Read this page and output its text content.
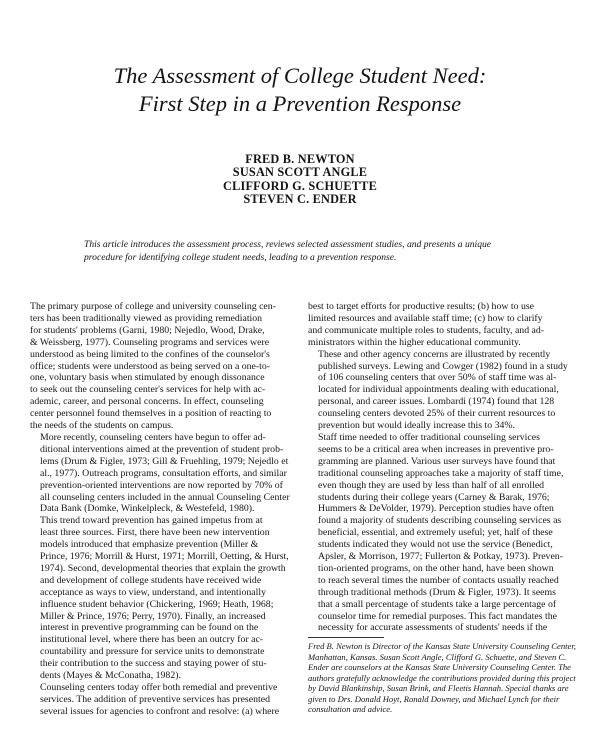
The Assessment of College Student Need:
First Step in a Prevention Response
FRED B. NEWTON
SUSAN SCOTT ANGLE
CLIFFORD G. SCHUETTE
STEVEN C. ENDER

This article introduces the assessment process, reviews selected assessment studies, and presents a unique
procedure for identifying college student needs, leading to a prevention response.

The primary purpose of college and university counseling cen-
ters has been traditionally viewed as providing remediation
for students' problems (Garni, 1980; Nejedlo, Wood, Drake,
& Weissberg, 1977). Counseling programs and services were
understood as being limited to the confines of the counselor's
office; students were understood as being served on a one-to-
one, voluntary basis when stimulated by enough dissonance
to seek out the counseling center's services for help with ac-
ademic, career, and personal concerns. In effect, counseling
center personnel found themselves in a position of reacting to
the needs of the students on campus.

More recently, counseling centers have begun to offer ad-
ditional interventions aimed at the prevention of student prob-
lems (Drum & Figler, 1973; Gill & Fruehling, 1979; Nejedlo et
al., 1977). Outreach programs, consultation efforts, and similar
prevention-oriented interventions are now reported by 70% of
all counseling centers included in the annual Counseling Center
Data Bank (Domke, Winkelpleck, & Westefeld, 1980).

This trend toward prevention has gained impetus from at
least three sources. First, there have been new intervention
models introduced that emphasize prevention (Miller &
Prince, 1976; Morrill & Hurst, 1971; Morrill, Oetting, & Hurst,
1974). Second, developmental theories that explain the growth
and development of college students have received wide
acceptance as ways to view, understand, and intentionally
influence student behavior (Chickering, 1969; Heath, 1968;
Miller & Prince, 1976; Perry, 1970). Finally, an increased
interest in preventive programming can be found on the
institutional level, where there has been an outcry for ac-
countability and pressure for service units to demonstrate
their contribution to the success and staying power of stu-
dents (Mayes & McConatha, 1982).

Counseling centers today offer both remedial and preventive
services. The addition of preventive services has presented
several issues for agencies to confront and resolve: (a) where

best to target efforts for productive results; (b) how to use
limited resources and available staff time; (c) how to clarify
and communicate multiple roles to students, faculty, and ad-
ministrators within the higher educational community.

These and other agency concerns are illustrated by recently
published surveys. Lewing and Cowger (1982) found in a study
of 106 counseling centers that over 50% of staff time was al-
located for individual appointments dealing with educational,
personal, and career issues. Lombardi (1974) found that 128
counseling centers devoted 25% of their current resources to
prevention but would ideally increase this to 34%.

Staff time needed to offer traditional counseling services
seems to be a critical area when increases in preventive pro-
gramming are planned. Various user surveys have found that
traditional counseling approaches take a majority of staff time,
even though they are used by less than half of all enrolled
students during their college years (Carney & Barak, 1976;
Hummers & DeVolder, 1979). Perception studies have often
found a majority of students describing counseling services as
beneficial, essential, and extremely useful; yet, half of these
students indicated they would not use the service (Benedict,
Apsler, & Morrison, 1977; Fullerton & Potkay, 1973). Preven-
tion-oriented programs, on the other hand, have been shown
to reach several times the number of contacts usually reached
through traditional methods (Drum & Figler, 1973). It seems
that a small percentage of students take a large percentage of
counselor time for remedial purposes. This fact mandates the
necessity for accurate assessments of students' needs if the

Fred B. Newton is Director of the Kansas State University Counseling Center,
Manhattan, Kansas. Susan Scott Angle, Clifford G. Schuette, and Steven C.
Ender are counselors at the Kansas State University Counseling Center. The
authors gratefully acknowledge the contributions provided during this project
by David Blankinship, Susan Brink, and Fleetis Hannah. Special thanks are
given to Drs. Donald Hoyt, Ronald Downey, and Michael Lynch for their
consultation and advice.
